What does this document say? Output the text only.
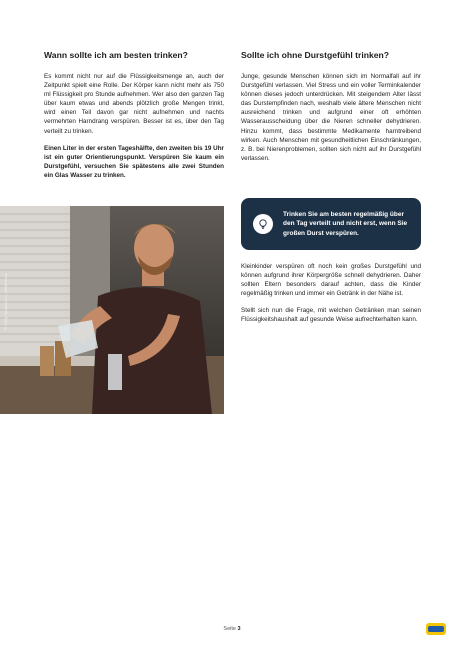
Wann sollte ich am besten trinken?

Es kommt nicht nur auf die Flüssigkeitsmenge an, auch der Zeitpunkt spielt eine Rolle. Der Körper kann nicht mehr als 750 ml Flüssigkeit pro Stunde aufnehmen. Wer also den ganzen Tag über kaum etwas und abends plötzlich große Mengen trinkt, wird einen Teil davon gar nicht aufnehmen und nachts vermehrten Harndrang verspüren. Besser ist es, über den Tag verteilt zu trinken.

Einen Liter in der ersten Tageshälfte, den zweiten bis 19 Uhr ist ein guter Orientierungspunkt. Verspüren Sie kaum ein Durstgefühl, versuchen Sie spätestens alle zwei Stunden ein Glas Wasser zu trinken.

© Getty Images/ AJ_Watt/iStock
Sollte ich ohne Durstgefühl trinken?

Junge, gesunde Menschen können sich im Normalfall auf ihr Durstgefühl verlassen. Viel Stress und ein voller Terminkalender können dieses jedoch unterdrücken. Mit steigendem Alter lässt das Durstempfinden nach, weshalb viele ältere Menschen nicht ausreichend trinken und aufgrund einer oft erhöhten Wasserausscheidung über die Nieren schneller dehydrieren. Hinzu kommt, dass bestimmte Medikamente harntreibend wirken. Auch Menschen mit gesundheitlichen Einschränkungen, z. B. bei Nierenproblemen, sollten sich nicht auf ihr Durstgefühl verlassen.

Trinken Sie am besten regelmäßig über den Tag verteilt und nicht erst, wenn Sie großen Durst verspüren.

Kleinkinder verspüren oft noch kein großes Durstgefühl und können aufgrund ihrer Körpergröße schnell dehydrieren. Daher sollten Eltern besonders darauf achten, dass die Kinder regelmäßig trinken und immer ein Getränk in der Nähe ist.

Stellt sich nun die Frage, mit welchen Getränken man seinen Flüssigkeitshaushalt auf gesunde Weise aufrechterhalten kann.

Seite 3
